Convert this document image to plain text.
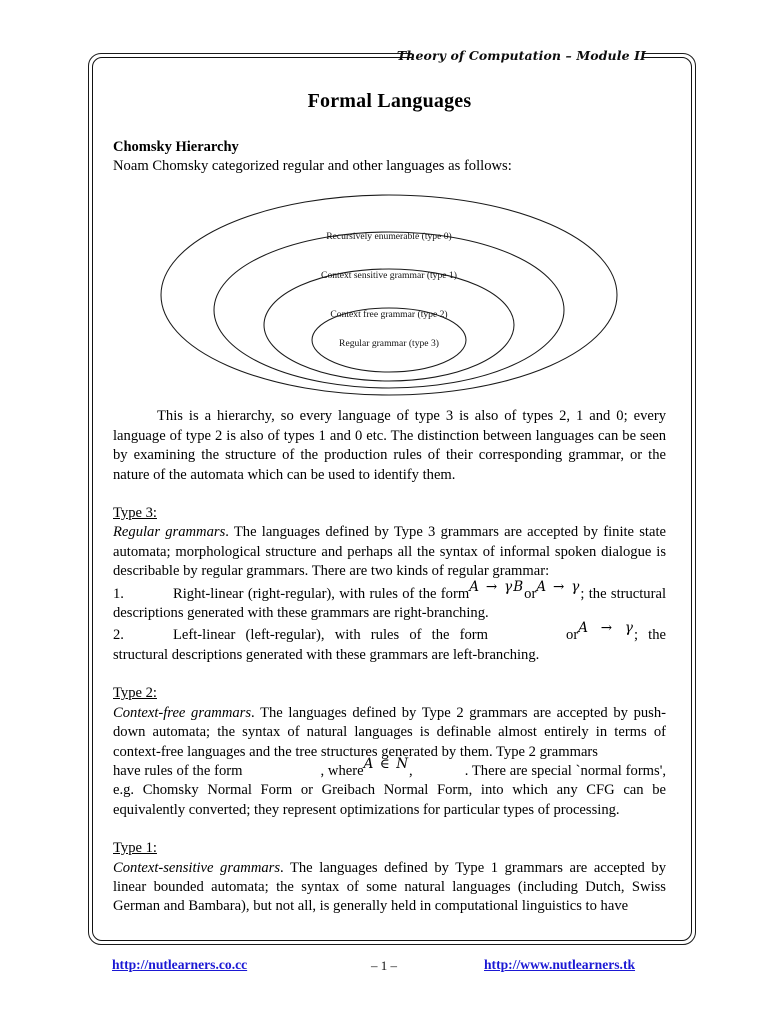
Theory of Computation – Module II
Formal Languages
Chomsky Hierarchy

Noam Chomsky categorized regular and other languages as follows:

Recursively enumerable (type 0)
Context sensitive grammar (type 1)
Context free grammar (type 2)
Regular grammar (type 3)

This is a hierarchy, so every language of type 3 is also of types 2, 1 and 0; every language of type 2 is also of types 1 and 0 etc. The distinction between languages can be seen by examining the structure of the production rules of their corresponding grammar, or the nature of the automata which can be used to identify them.

Type 3:

Regular grammars. The languages defined by Type 3 grammars are accepted by finite state automata; morphological structure and perhaps all the syntax of informal spoken dialogue is describable by regular grammars. There are two kinds of regular grammar:

1.	Right-linear (right-regular), with rules of the formA → γBorA → γ; the structural descriptions generated with these grammars are right-branching.

2.	Left-linear (left-regular), with rules of the form	orA → γ; the structural descriptions generated with these grammars are left-branching.

Type 2:

Context-free grammars. The languages defined by Type 2 grammars are accepted by push-down automata; the syntax of natural languages is definable almost entirely in terms of context-free languages and the tree structures generated by them. Type 2 grammars

have rules of the form	, whereA ∈ N,	. There are special `normal forms', e.g. Chomsky Normal Form or Greibach Normal Form, into which any CFG can be equivalently converted; they represent optimizations for particular types of processing.

Type 1:

Context-sensitive grammars. The languages defined by Type 1 grammars are accepted by linear bounded automata; the syntax of some natural languages (including Dutch, Swiss German and Bambara), but not all, is generally held in computational linguistics to have

http://nutlearners.co.cc	– 1 –	http://www.nutlearners.tk
